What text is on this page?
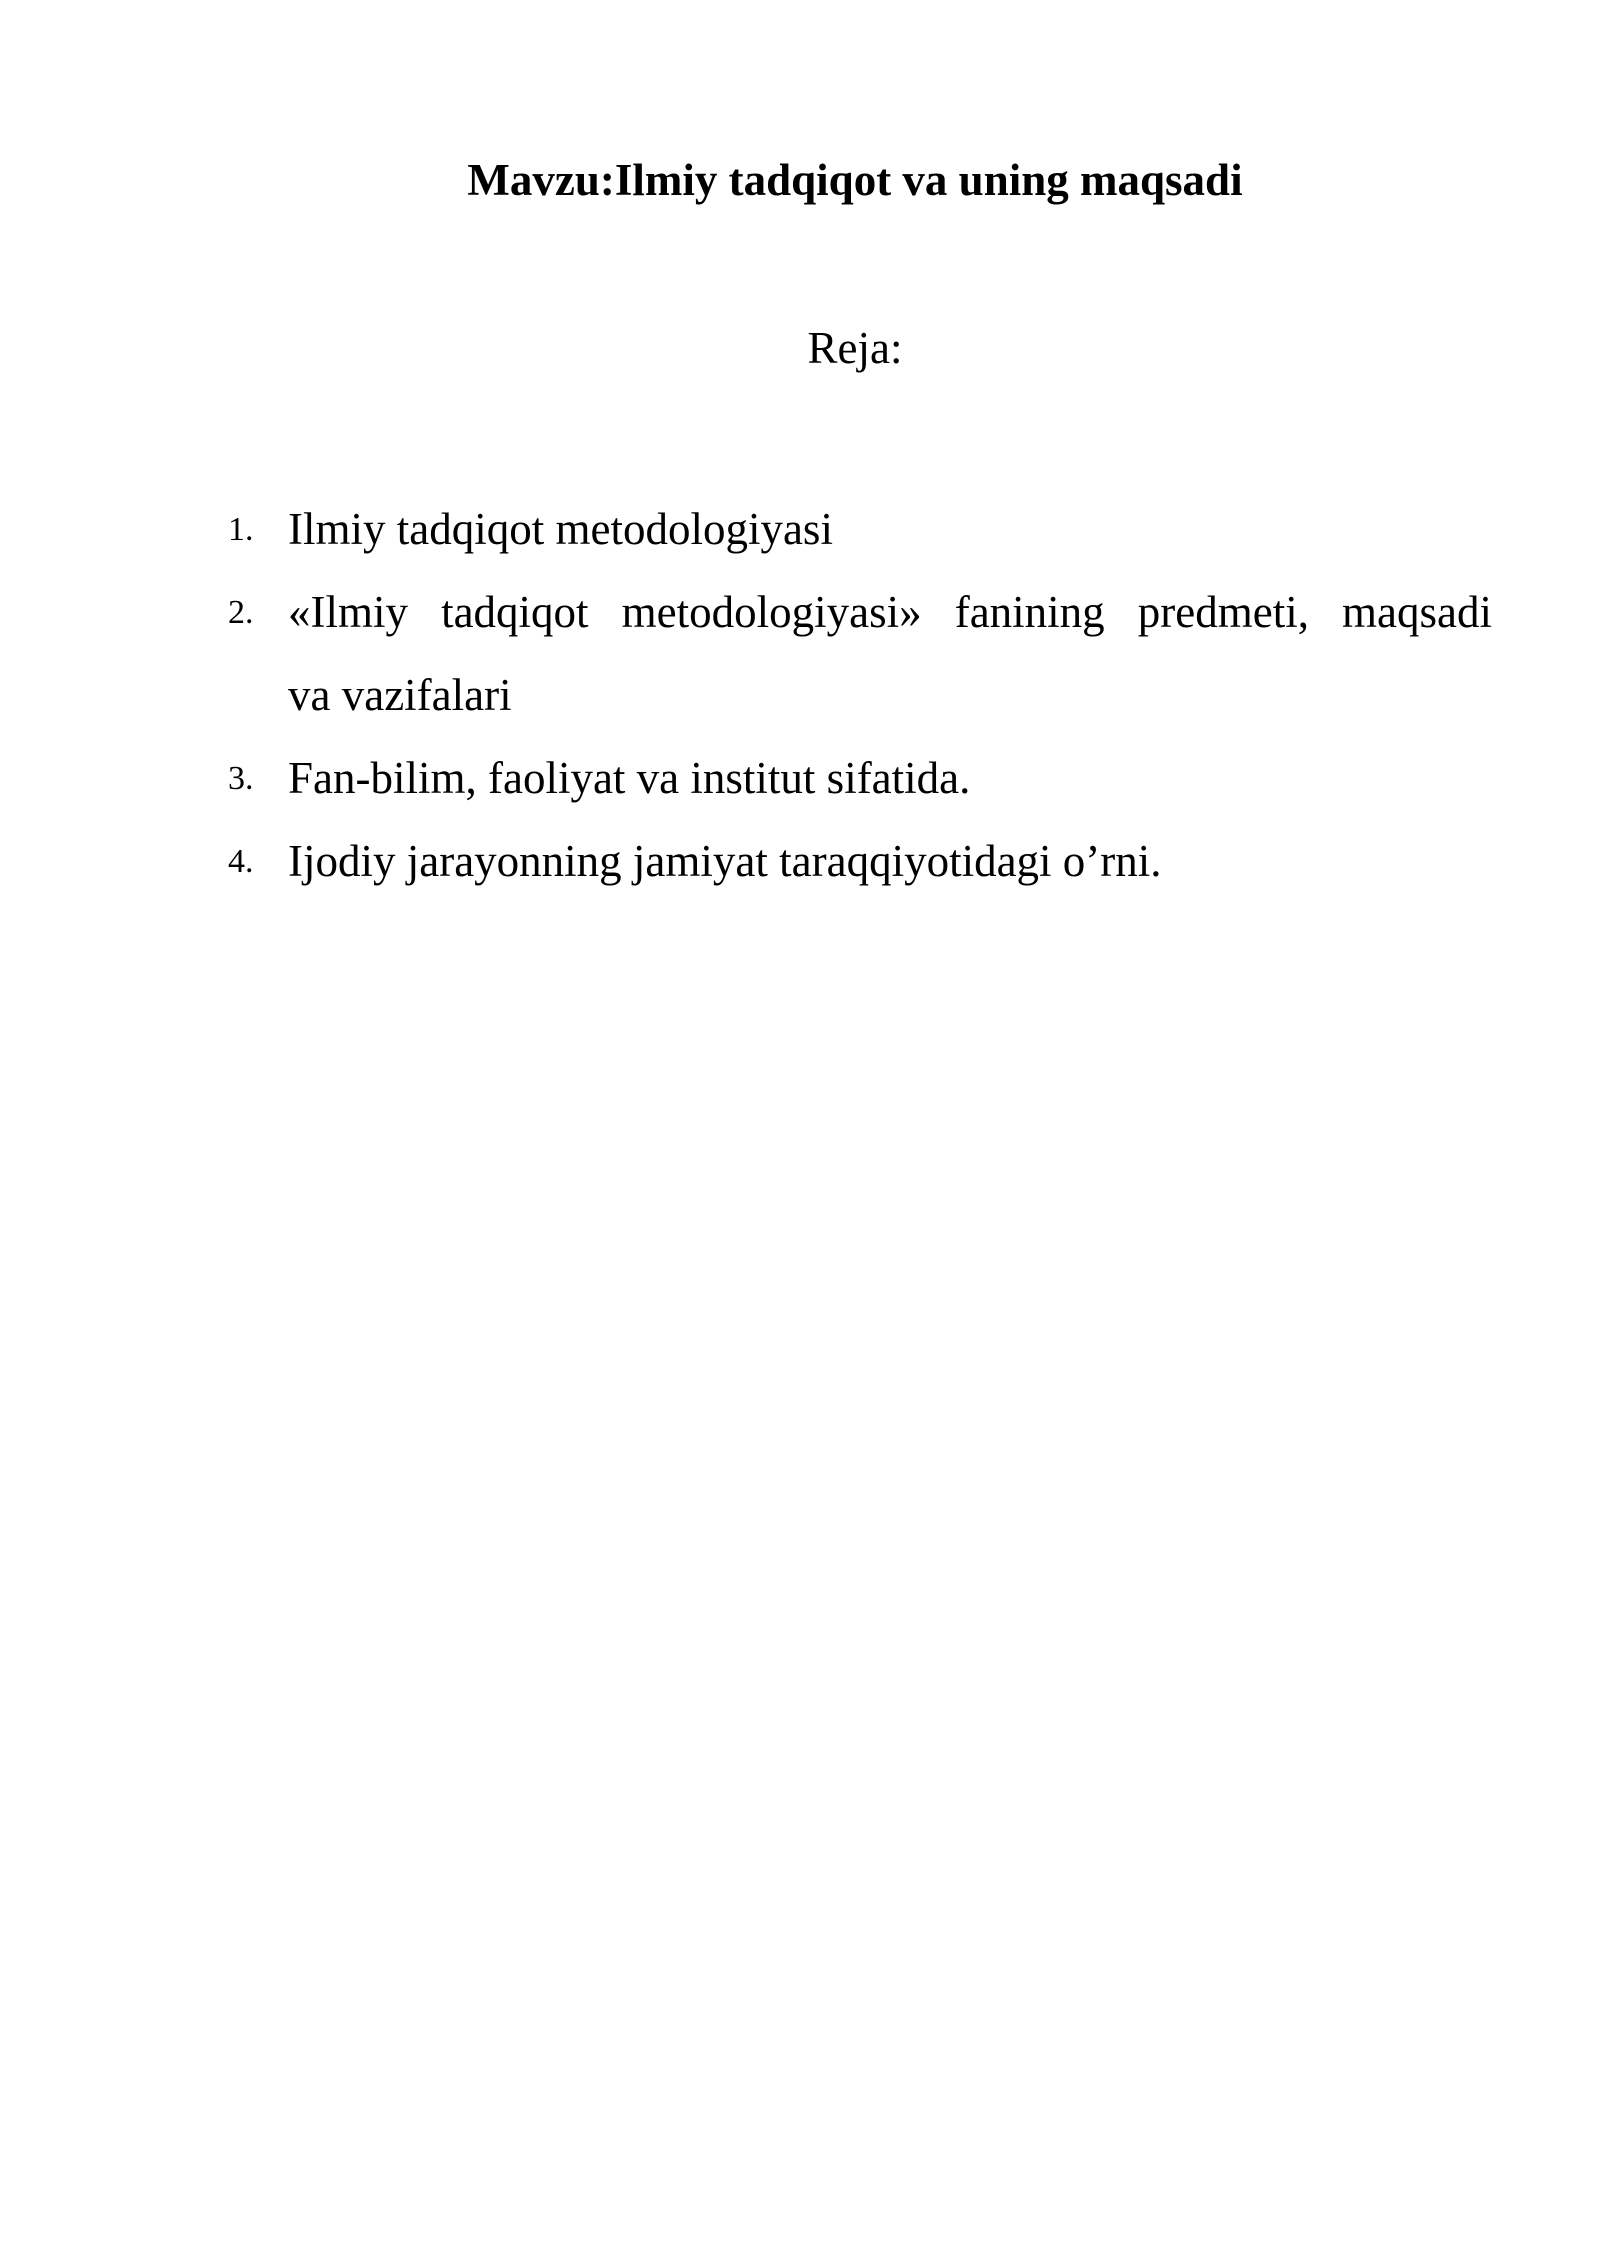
Mavzu:Ilmiy tadqiqot va uning maqsadi
Reja:
1. Ilmiy tadqiqot metodologiyasi
2. «Ilmiy tadqiqot metodologiyasi» fanining predmeti, maqsadi
va vazifalari
3. Fan-bilim, faoliyat va institut sifatida.
4. Ijodiy jarayonning jamiyat taraqqiyotidagi o’rni.
